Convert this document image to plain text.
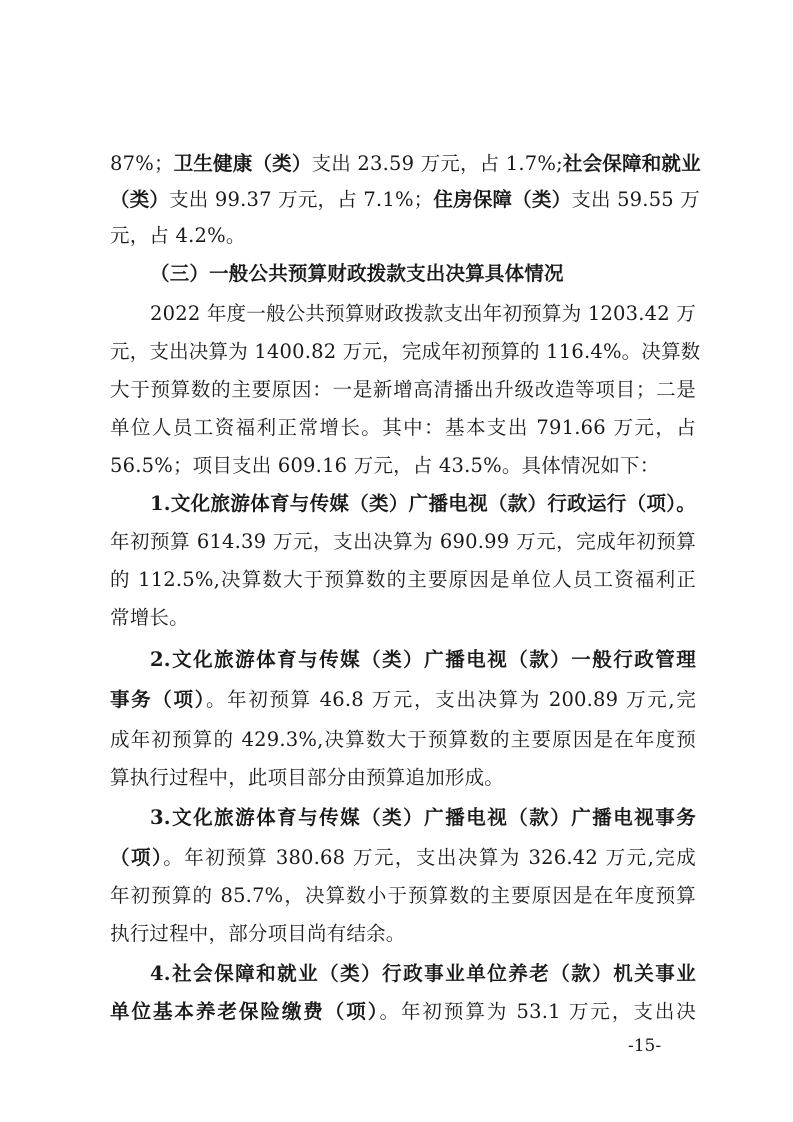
87%；卫生健康（类）支出 23.59 万元，占 1.7%;社会保障和就业
（类）支出 99.37 万元，占 7.1%；住房保障（类）支出 59.55 万
元，占 4.2%。
（三）一般公共预算财政拨款支出决算具体情况
2022 年度一般公共预算财政拨款支出年初预算为 1203.42 万
元，支出决算为 1400.82 万元，完成年初预算的 116.4%。决算数
大于预算数的主要原因：一是新增高清播出升级改造等项目；二是
单位人员工资福利正常增长。其中：基本支出 791.66 万元，占
56.5%；项目支出 609.16 万元，占 43.5%。具体情况如下：
1.文化旅游体育与传媒（类）广播电视（款）行政运行（项）。
年初预算 614.39 万元，支出决算为 690.99 万元，完成年初预算
的 112.5%,决算数大于预算数的主要原因是单位人员工资福利正
常增长。
2.文化旅游体育与传媒（类）广播电视（款）一般行政管理
事务（项）。年初预算 46.8 万元，支出决算为 200.89 万元,完
成年初预算的 429.3%,决算数大于预算数的主要原因是在年度预
算执行过程中，此项目部分由预算追加形成。
3.文化旅游体育与传媒（类）广播电视（款）广播电视事务
（项）。年初预算 380.68 万元，支出决算为 326.42 万元,完成
年初预算的 85.7%，决算数小于预算数的主要原因是在年度预算
执行过程中，部分项目尚有结余。
4.社会保障和就业（类）行政事业单位养老（款）机关事业
单位基本养老保险缴费（项）。年初预算为 53.1 万元，支出决
-15-
